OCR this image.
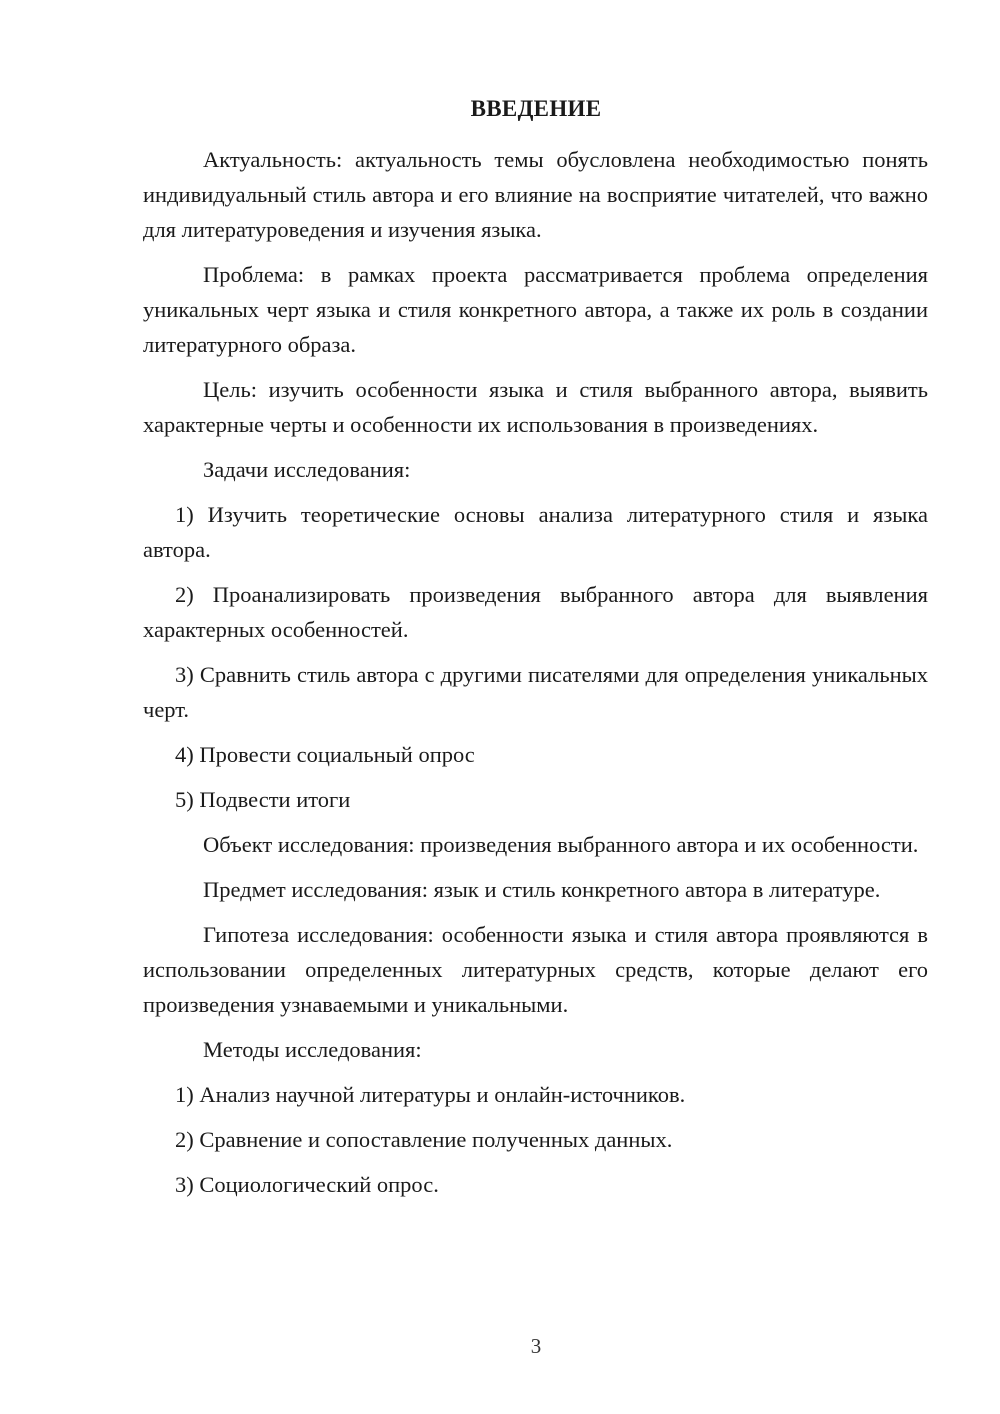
ВВЕДЕНИЕ

Актуальность: актуальность темы обусловлена необходимостью понять индивидуальный стиль автора и его влияние на восприятие читателей, что важно для литературоведения и изучения языка.

Проблема: в рамках проекта рассматривается проблема определения уникальных черт языка и стиля конкретного автора, а также их роль в создании литературного образа.

Цель: изучить особенности языка и стиля выбранного автора, выявить характерные черты и особенности их использования в произведениях.

Задачи исследования:

1) Изучить теоретические основы анализа литературного стиля и языка автора.

2) Проанализировать произведения выбранного автора для выявления характерных особенностей.

3) Сравнить стиль автора с другими писателями для определения уникальных черт.

4) Провести социальный опрос

5) Подвести итоги

Объект исследования: произведения выбранного автора и их особенности.

Предмет исследования: язык и стиль конкретного автора в литературе.

Гипотеза исследования: особенности языка и стиля автора проявляются в использовании определенных литературных средств, которые делают его произведения узнаваемыми и уникальными.

Методы исследования:

1) Анализ научной литературы и онлайн-источников.

2) Сравнение и сопоставление полученных данных.

3) Социологический опрос.

3
